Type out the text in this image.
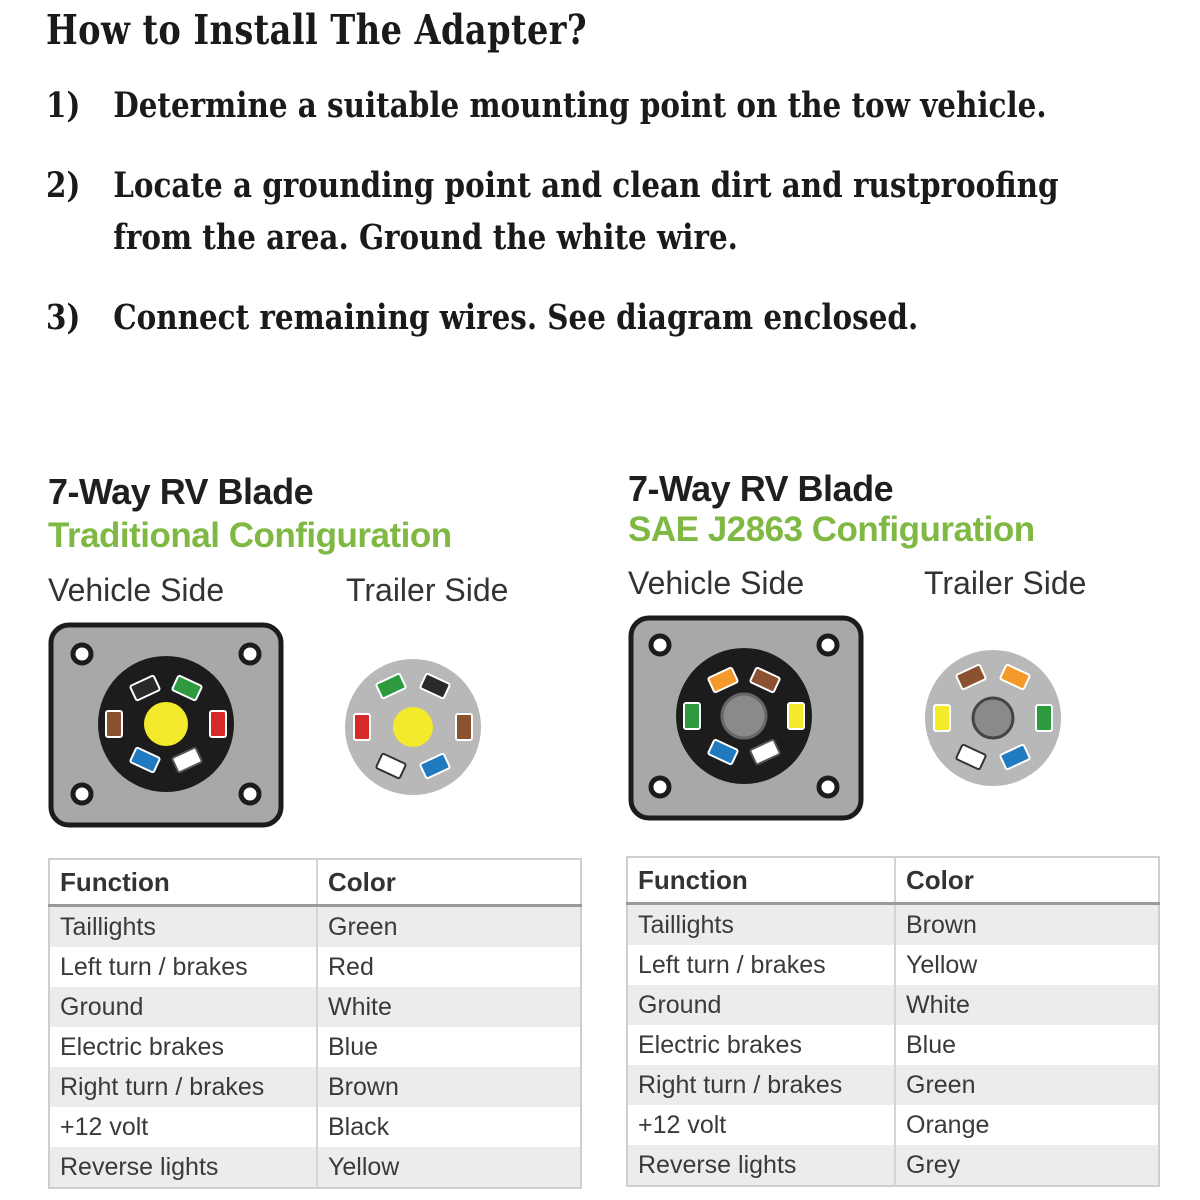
How to Install The Adapter?
1) Determine a suitable mounting point on the tow vehicle.
2) Locate a grounding point and clean dirt and rustproofing
from the area. Ground the white wire.
3) Connect remaining wires. See diagram enclosed.
7-Way RV Blade
Traditional Configuration
Vehicle Side	Trailer Side
7-Way RV Blade
SAE J2863 Configuration
Vehicle Side	Trailer Side
Function	Color
Taillights	Green
Left turn / brakes	Red
Ground	White
Electric brakes	Blue
Right turn / brakes	Brown
+12 volt	Black
Reverse lights	Yellow
Function	Color
Taillights	Brown
Left turn / brakes	Yellow
Ground	White
Electric brakes	Blue
Right turn / brakes	Green
+12 volt	Orange
Reverse lights	Grey
